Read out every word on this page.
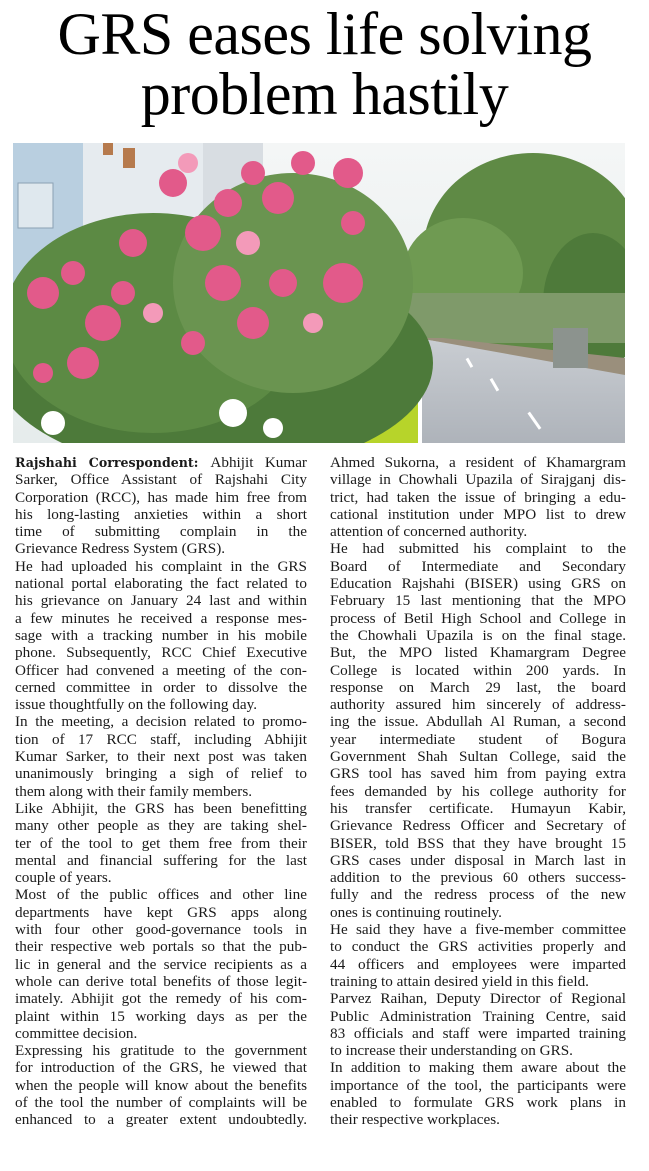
GRS eases life solving
problem hastily
Rajshahi Correspondent: Abhijit Kumar
Sarker, Office Assistant of Rajshahi City
Corporation (RCC), has made him free from
his long-lasting anxieties within a short
time of submitting complain in the
Grievance Redress System (GRS).
He had uploaded his complaint in the GRS
national portal elaborating the fact related to
his grievance on January 24 last and within
a few minutes he received a response mes-
sage with a tracking number in his mobile
phone. Subsequently, RCC Chief Executive
Officer had convened a meeting of the con-
cerned committee in order to dissolve the
issue thoughtfully on the following day.
In the meeting, a decision related to promo-
tion of 17 RCC staff, including Abhijit
Kumar Sarker, to their next post was taken
unanimously bringing a sigh of relief to
them along with their family members.
Like Abhijit, the GRS has been benefitting
many other people as they are taking shel-
ter of the tool to get them free from their
mental and financial suffering for the last
couple of years.
Most of the public offices and other line
departments have kept GRS apps along
with four other good-governance tools in
their respective web portals so that the pub-
lic in general and the service recipients as a
whole can derive total benefits of those legit-
imately. Abhijit got the remedy of his com-
plaint within 15 working days as per the
committee decision.
Expressing his gratitude to the government
for introduction of the GRS, he viewed that
when the people will know about the benefits
of the tool the number of complaints will be
enhanced to a greater extent undoubtedly.
Ahmed Sukorna, a resident of Khamargram
village in Chowhali Upazila of Sirajganj dis-
trict, had taken the issue of bringing a edu-
cational institution under MPO list to drew
attention of concerned authority.
He had submitted his complaint to the
Board of Intermediate and Secondary
Education Rajshahi (BISER) using GRS on
February 15 last mentioning that the MPO
process of Betil High School and College in
the Chowhali Upazila is on the final stage.
But, the MPO listed Khamargram Degree
College is located within 200 yards. In
response on March 29 last, the board
authority assured him sincerely of address-
ing the issue. Abdullah Al Ruman, a second
year intermediate student of Bogura
Government Shah Sultan College, said the
GRS tool has saved him from paying extra
fees demanded by his college authority for
his transfer certificate. Humayun Kabir,
Grievance Redress Officer and Secretary of
BISER, told BSS that they have brought 15
GRS cases under disposal in March last in
addition to the previous 60 others success-
fully and the redress process of the new
ones is continuing routinely.
He said they have a five-member committee
to conduct the GRS activities properly and
44 officers and employees were imparted
training to attain desired yield in this field.
Parvez Raihan, Deputy Director of Regional
Public Administration Training Centre, said
83 officials and staff were imparted training
to increase their understanding on GRS.
In addition to making them aware about the
importance of the tool, the participants were
enabled to formulate GRS work plans in
their respective workplaces.
